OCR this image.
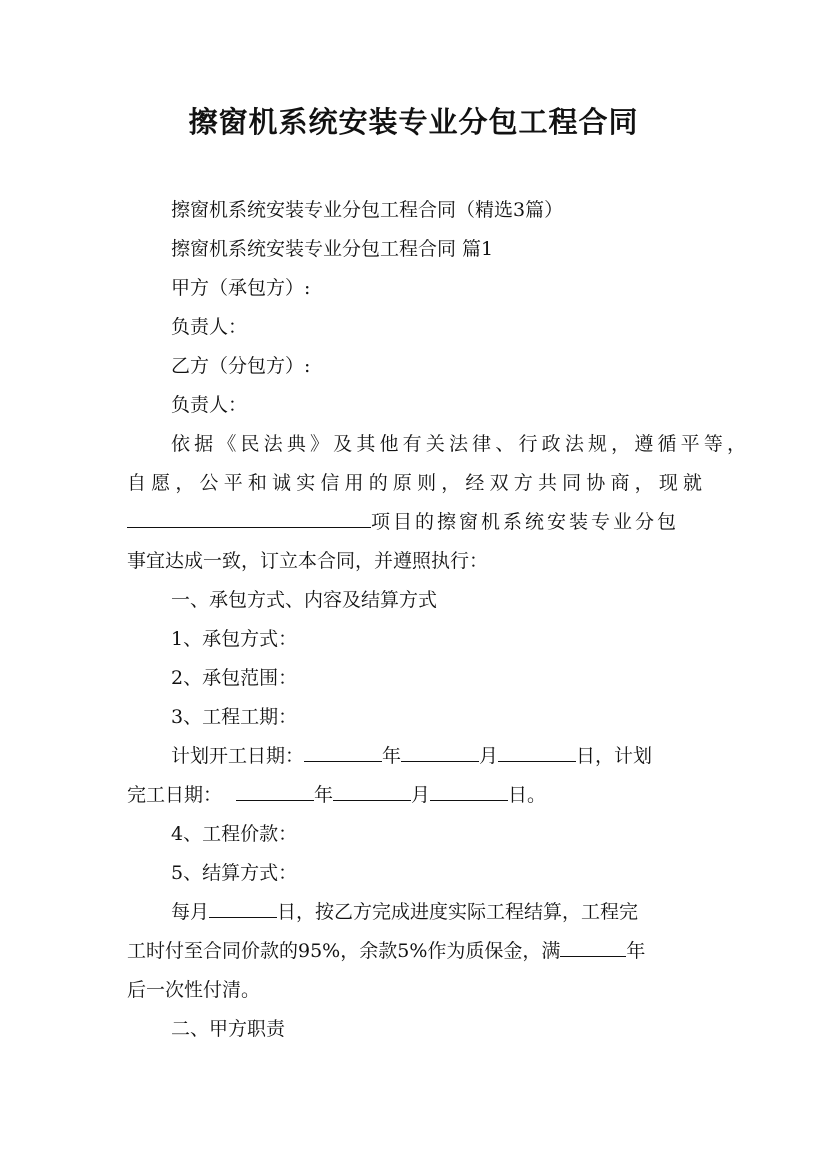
擦窗机系统安装专业分包工程合同
擦窗机系统安装专业分包工程合同（精选3篇）
擦窗机系统安装专业分包工程合同 篇1
甲方（承包方）:
负责人：
乙方（分包方）:
负责人：
依据《民法典》及其他有关法律、行政法规，遵循平等，
自愿，公平和诚实信用的原则，经双方共同协商，现就
项目的擦窗机系统安装专业分包
事宜达成一致，订立本合同，并遵照执行：
一、承包方式、内容及结算方式
1、承包方式：
2、承包范围：
3、工程工期：
计划开工日期：	年	月	日，计划
完工日期：	年	月	日。
4、工程价款：
5、结算方式：
每月	日，按乙方完成进度实际工程结算，工程完
工时付至合同价款的95%，余款5%作为质保金，满	年
后一次性付清。
二、甲方职责
